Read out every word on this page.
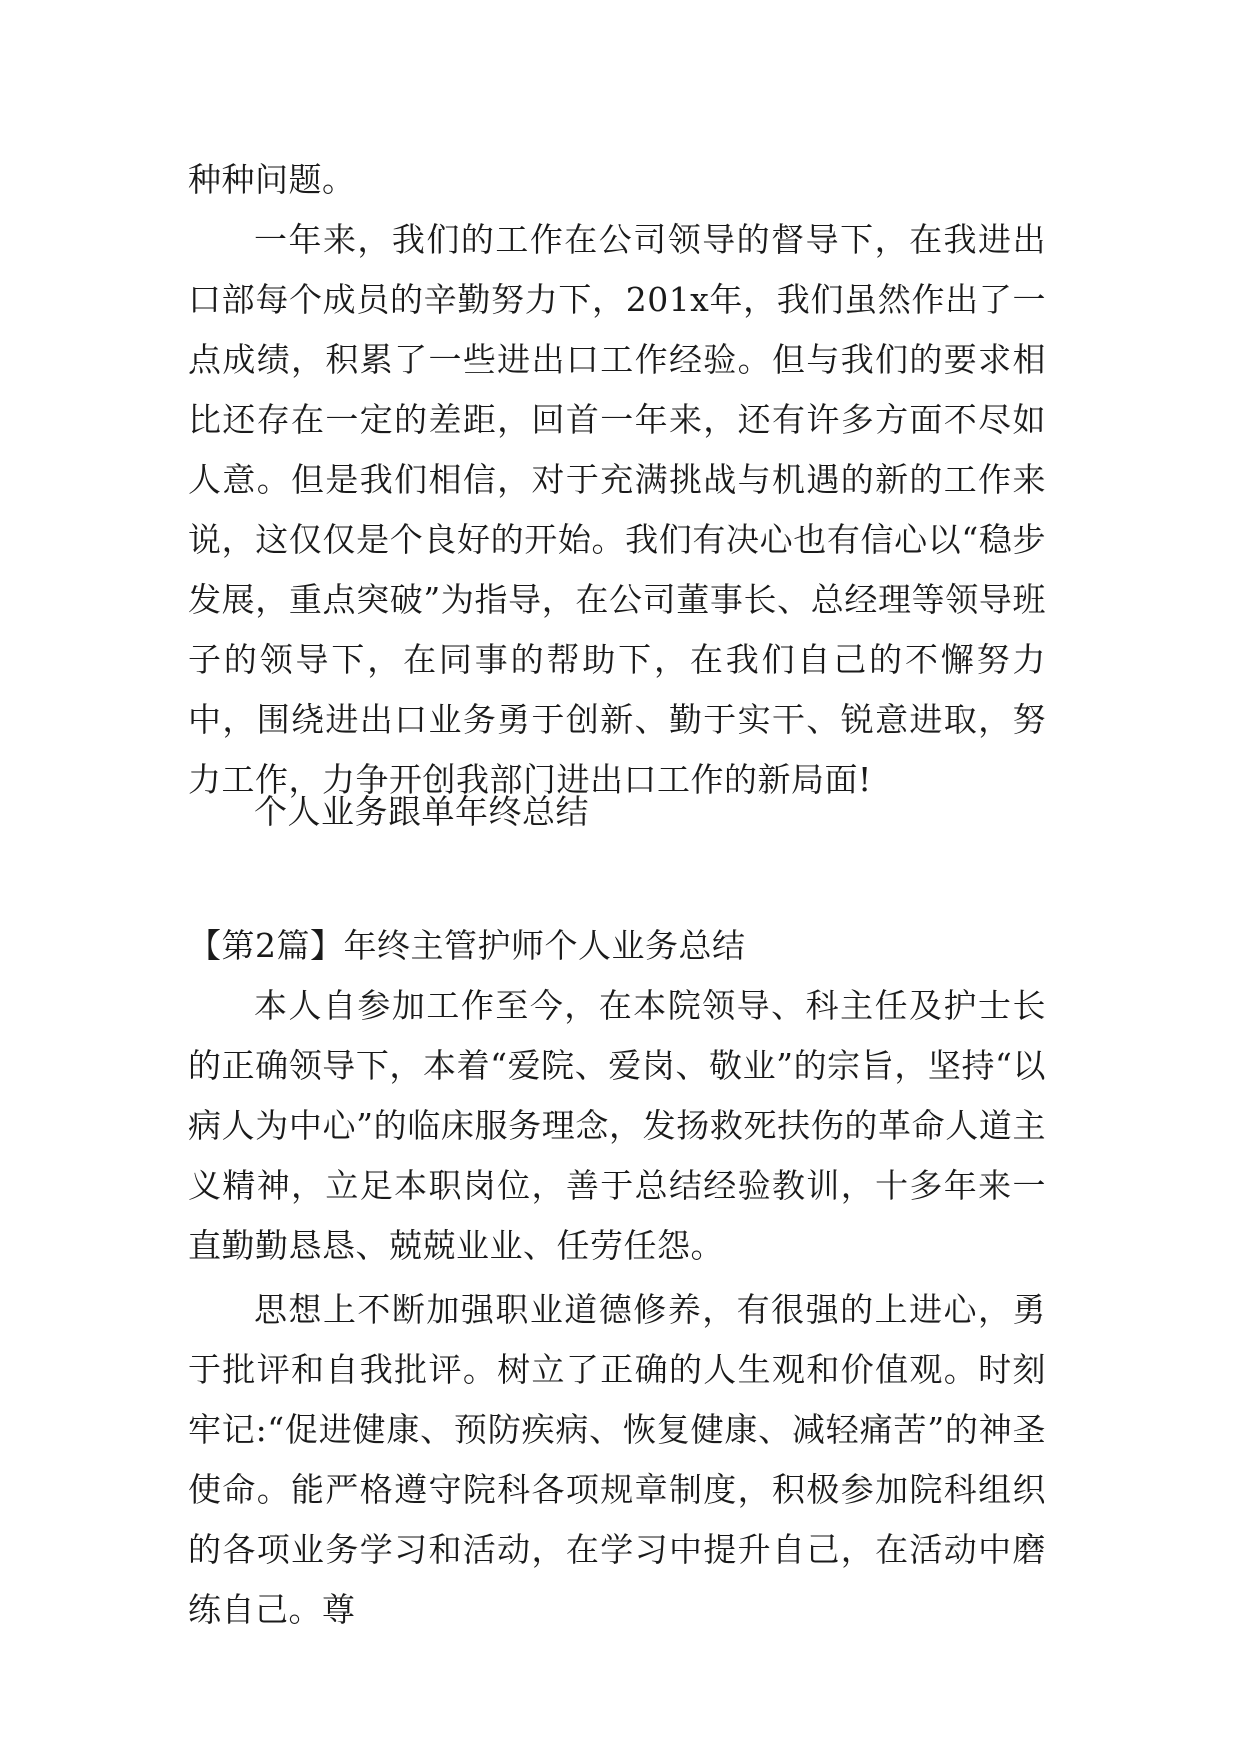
种种问题。

一年来，我们的工作在公司领导的督导下，在我进出口部每个成员的辛勤努力下，201x年，我们虽然作出了一点成绩，积累了一些进出口工作经验。但与我们的要求相比还存在一定的差距，回首一年来，还有许多方面不尽如人意。但是我们相信，对于充满挑战与机遇的新的工作来说，这仅仅是个良好的开始。我们有决心也有信心以“稳步发展，重点突破”为指导，在公司董事长、总经理等领导班子的领导下，在同事的帮助下，在我们自己的不懈努力中，围绕进出口业务勇于创新、勤于实干、锐意进取，努力工作，力争开创我部门进出口工作的新局面!

个人业务跟单年终总结

【第2篇】年终主管护师个人业务总结

本人自参加工作至今，在本院领导、科主任及护士长的正确领导下，本着“爱院、爱岗、敬业”的宗旨，坚持“以病人为中心”的临床服务理念，发扬救死扶伤的革命人道主义精神，立足本职岗位，善于总结经验教训，十多年来一直勤勤恳恳、兢兢业业、任劳任怨。

思想上不断加强职业道德修养，有很强的上进心，勇于批评和自我批评。树立了正确的人生观和价值观。时刻牢记:“促进健康、预防疾病、恢复健康、减轻痛苦”的神圣使命。能严格遵守院科各项规章制度，积极参加院科组织的各项业务学习和活动，在学习中提升自己，在活动中磨练自己。尊
